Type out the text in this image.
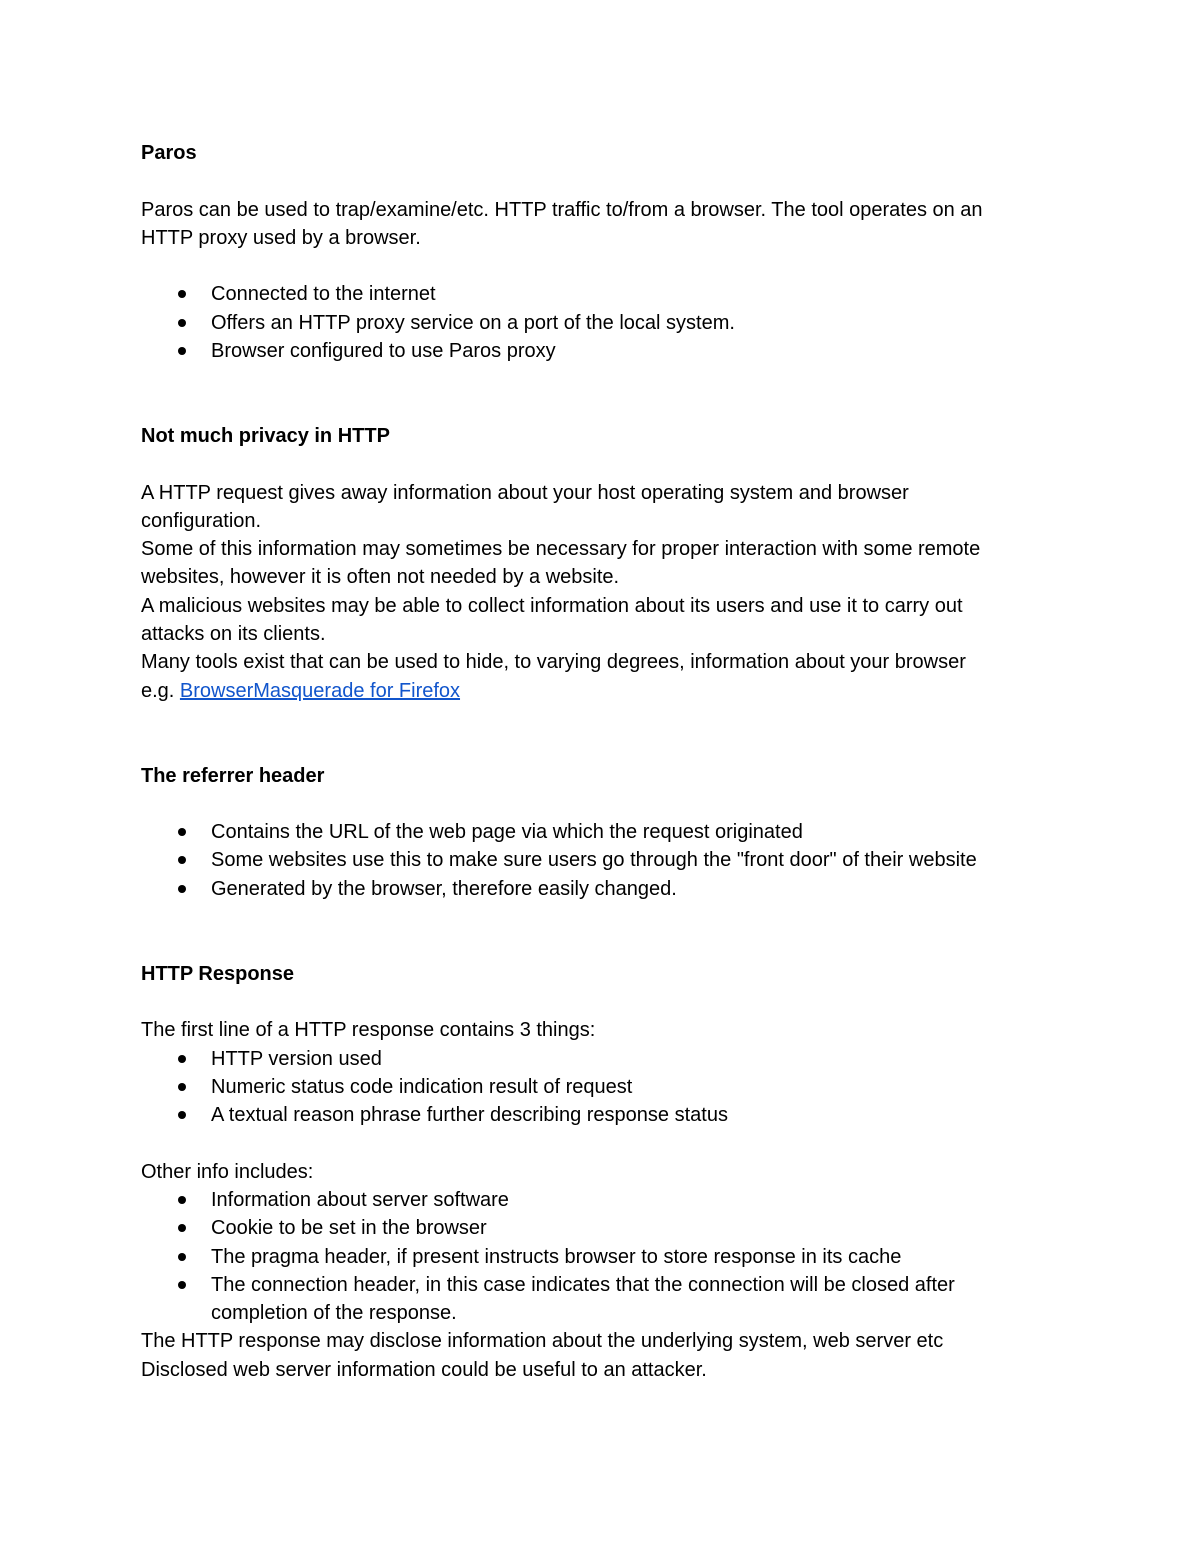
Paros

Paros can be used to trap/examine/etc. HTTP traffic to/from a browser. The tool operates on an

HTTP proxy used by a browser.

Connected to the internet
Offers an HTTP proxy service on a port of the local system.
Browser configured to use Paros proxy

Not much privacy in HTTP

A HTTP request gives away information about your host operating system and browser

configuration.

Some of this information may sometimes be necessary for proper interaction with some remote

websites, however it is often not needed by a website.

A malicious websites may be able to collect information about its users and use it to carry out

attacks on its clients.

Many tools exist that can be used to hide, to varying degrees, information about your browser

e.g. BrowserMasquerade for Firefox

The referrer header

Contains the URL of the web page via which the request originated
Some websites use this to make sure users go through the "front door" of their website
Generated by the browser, therefore easily changed.

HTTP Response

The first line of a HTTP response contains 3 things:

HTTP version used
Numeric status code indication result of request
A textual reason phrase further describing response status

Other info includes:

Information about server software
Cookie to be set in the browser
The pragma header, if present instructs browser to store response in its cache
The connection header, in this case indicates that the connection will be closed after
completion of the response.

The HTTP response may disclose information about the underlying system, web server etc

Disclosed web server information could be useful to an attacker.
